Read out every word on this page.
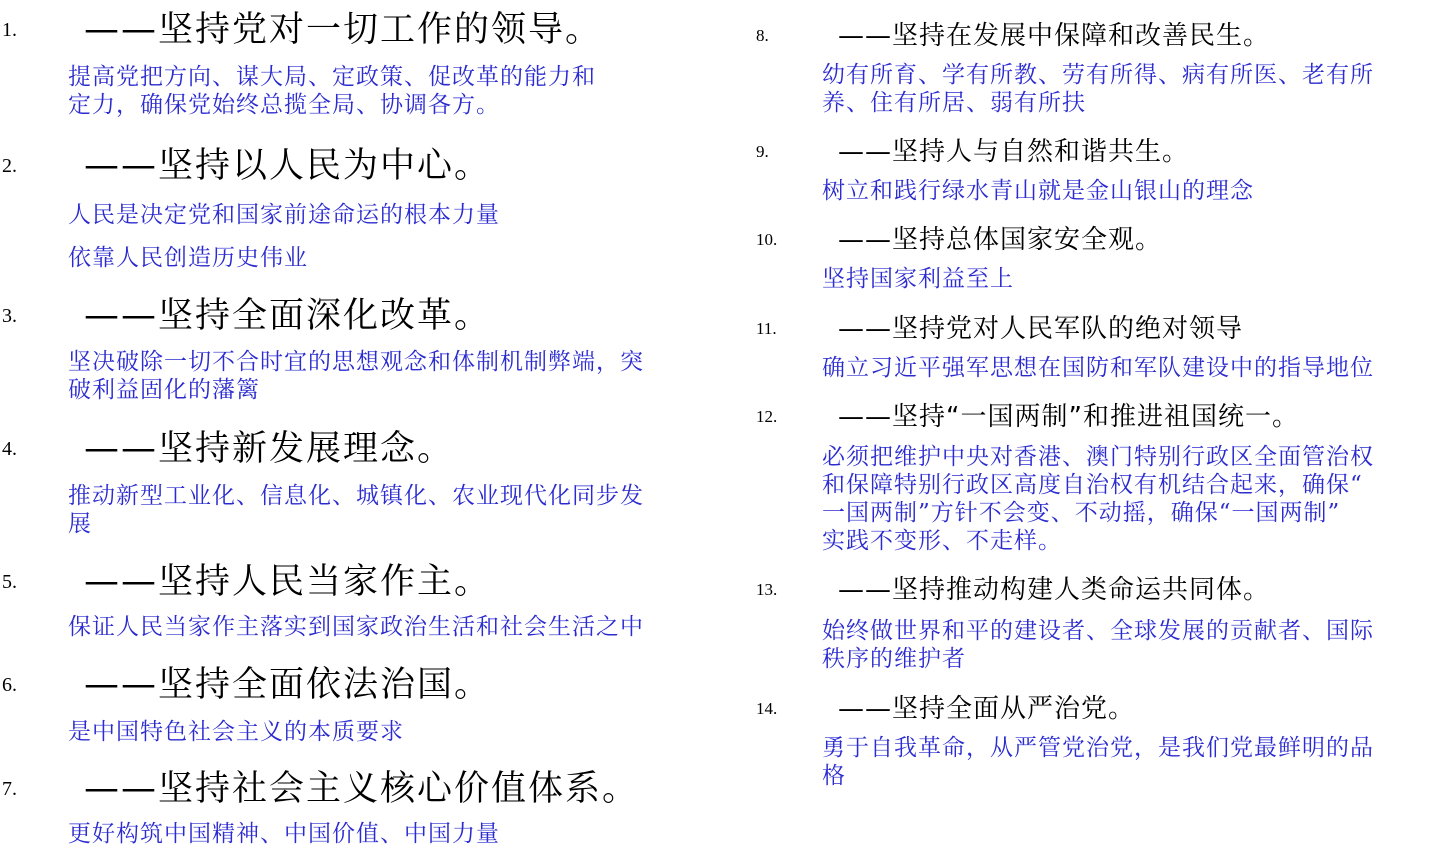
1. ——坚持党对一切工作的领导。
提高党把方向、谋大局、定政策、促改革的能力和
定力，确保党始终总揽全局、协调各方。
2. ——坚持以人民为中心。
人民是决定党和国家前途命运的根本力量
依靠人民创造历史伟业
3. ——坚持全面深化改革。
坚决破除一切不合时宜的思想观念和体制机制弊端，突
破利益固化的藩篱
4. ——坚持新发展理念。
推动新型工业化、信息化、城镇化、农业现代化同步发
展
5. ——坚持人民当家作主。
保证人民当家作主落实到国家政治生活和社会生活之中
6. ——坚持全面依法治国。
是中国特色社会主义的本质要求
7. ——坚持社会主义核心价值体系。
更好构筑中国精神、中国价值、中国力量
8.	——坚持在发展中保障和改善民生。
幼有所育、学有所教、劳有所得、病有所医、老有所
养、住有所居、弱有所扶
9.	——坚持人与自然和谐共生。
树立和践行绿水青山就是金山银山的理念
10. ——坚持总体国家安全观。
坚持国家利益至上
11. ——坚持党对人民军队的绝对领导
确立习近平强军思想在国防和军队建设中的指导地位
12. ——坚持“一国两制”和推进祖国统一。
必须把维护中央对香港、澳门特别行政区全面管治权
和保障特别行政区高度自治权有机结合起来，确保“
一国两制”方针不会变、不动摇，确保“一国两制”
实践不变形、不走样。
13. ——坚持推动构建人类命运共同体。
始终做世界和平的建设者、全球发展的贡献者、国际
秩序的维护者
14. ——坚持全面从严治党。
勇于自我革命，从严管党治党，是我们党最鲜明的品
格
